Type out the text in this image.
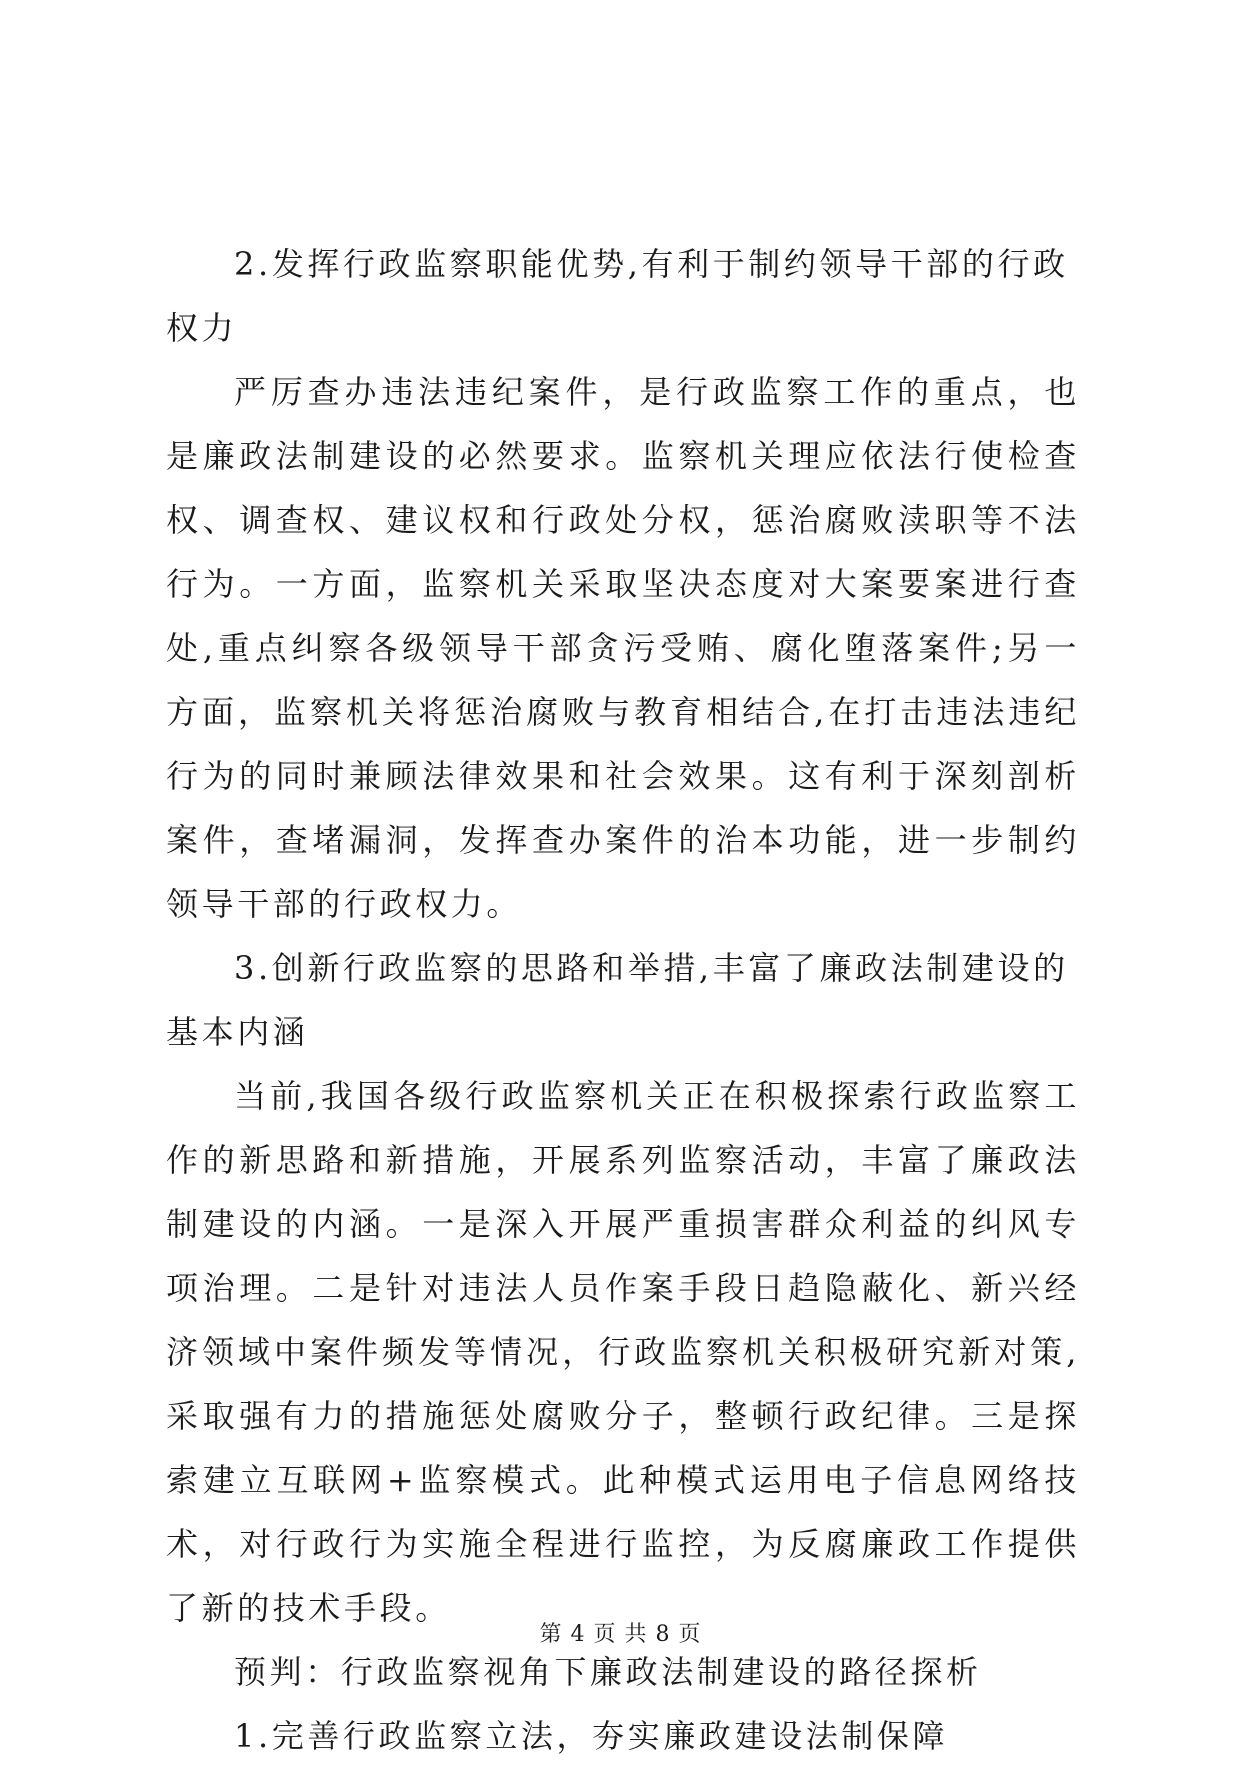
2.发挥行政监察职能优势,有利于制约领导干部的行政权力

严厉查办违法违纪案件，是行政监察工作的重点，也是廉政法制建设的必然要求。监察机关理应依法行使检查权、调查权、建议权和行政处分权，惩治腐败渎职等不法行为。一方面，监察机关采取坚决态度对大案要案进行查处,重点纠察各级领导干部贪污受贿、腐化堕落案件;另一方面，监察机关将惩治腐败与教育相结合,在打击违法违纪行为的同时兼顾法律效果和社会效果。这有利于深刻剖析案件，查堵漏洞，发挥查办案件的治本功能，进一步制约领导干部的行政权力。

3.创新行政监察的思路和举措,丰富了廉政法制建设的基本内涵

当前,我国各级行政监察机关正在积极探索行政监察工作的新思路和新措施，开展系列监察活动，丰富了廉政法制建设的内涵。一是深入开展严重损害群众利益的纠风专项治理。二是针对违法人员作案手段日趋隐蔽化、新兴经济领域中案件频发等情况，行政监察机关积极研究新对策,采取强有力的措施惩处腐败分子，整顿行政纪律。三是探索建立互联网+监察模式。此种模式运用电子信息网络技术，对行政行为实施全程进行监控，为反腐廉政工作提供了新的技术手段。

预判：行政监察视角下廉政法制建设的路径探析

1.完善行政监察立法，夯实廉政建设法制保障

第 4 页 共 8 页
